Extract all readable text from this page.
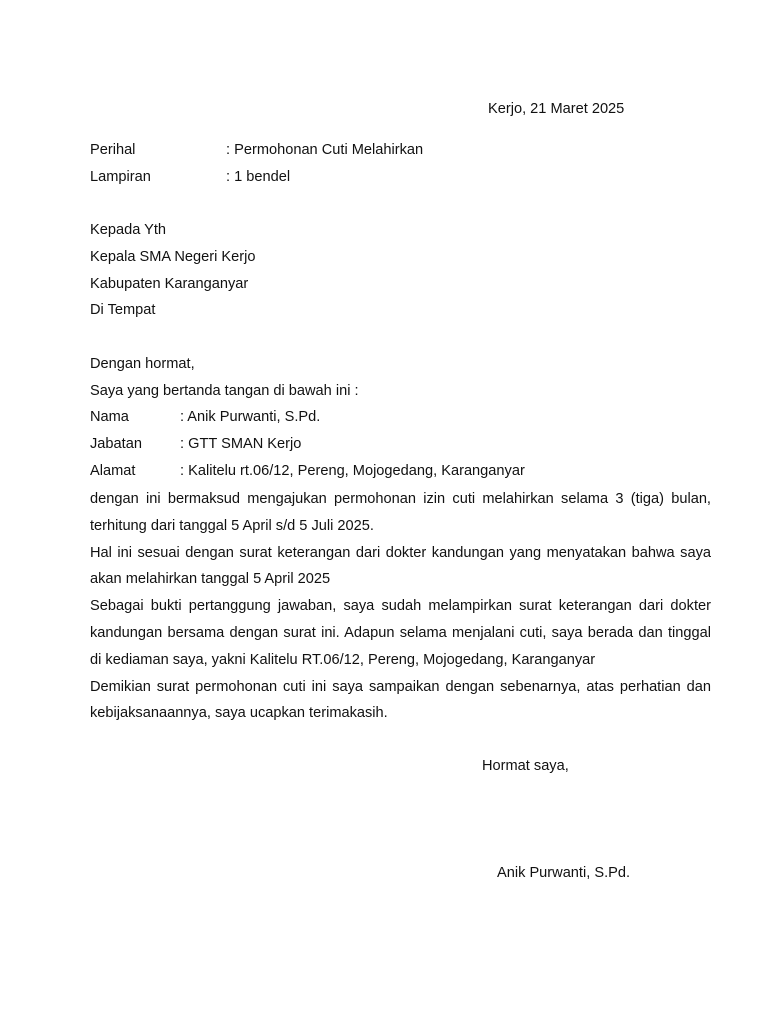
Kerjo, 21 Maret 2025
Perihal	: Permohonan Cuti Melahirkan
Lampiran	: 1 bendel
Kepada Yth
Kepala SMA Negeri Kerjo
Kabupaten Karanganyar
Di Tempat
Dengan hormat,
Saya yang bertanda tangan di bawah ini :
Nama	: Anik Purwanti, S.Pd.
Jabatan	: GTT SMAN Kerjo
Alamat	: Kalitelu rt.06/12, Pereng, Mojogedang, Karanganyar

dengan ini bermaksud mengajukan permohonan izin cuti melahirkan selama 3 (tiga) bulan, terhitung dari tanggal 5 April s/d 5 Juli 2025.

Hal ini sesuai dengan surat keterangan dari dokter kandungan yang menyatakan bahwa saya akan melahirkan tanggal 5 April 2025

Sebagai bukti pertanggung jawaban, saya sudah melampirkan surat keterangan dari dokter kandungan bersama dengan surat ini. Adapun selama menjalani cuti, saya berada dan tinggal di kediaman saya, yakni Kalitelu RT.06/12, Pereng, Mojogedang, Karanganyar

Demikian surat permohonan cuti ini saya sampaikan dengan sebenarnya, atas perhatian dan kebijaksanaannya, saya ucapkan terimakasih.

Hormat saya,
Anik Purwanti, S.Pd.
